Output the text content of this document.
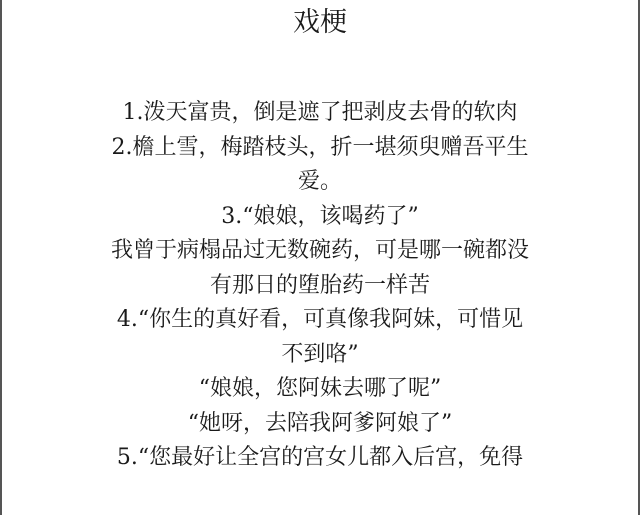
戏梗
1.泼天富贵，倒是遮了把剥皮去骨的软肉
2.檐上雪，梅踏枝头，折一堪须臾赠吾平生
爱。
3.“娘娘，该喝药了”
我曾于病榻品过无数碗药，可是哪一碗都没
有那日的堕胎药一样苦
4.“你生的真好看，可真像我阿妹，可惜见
不到咯”
“娘娘，您阿妹去哪了呢”
“她呀，去陪我阿爹阿娘了”
5.“您最好让全宫的宫女儿都入后宫，免得
